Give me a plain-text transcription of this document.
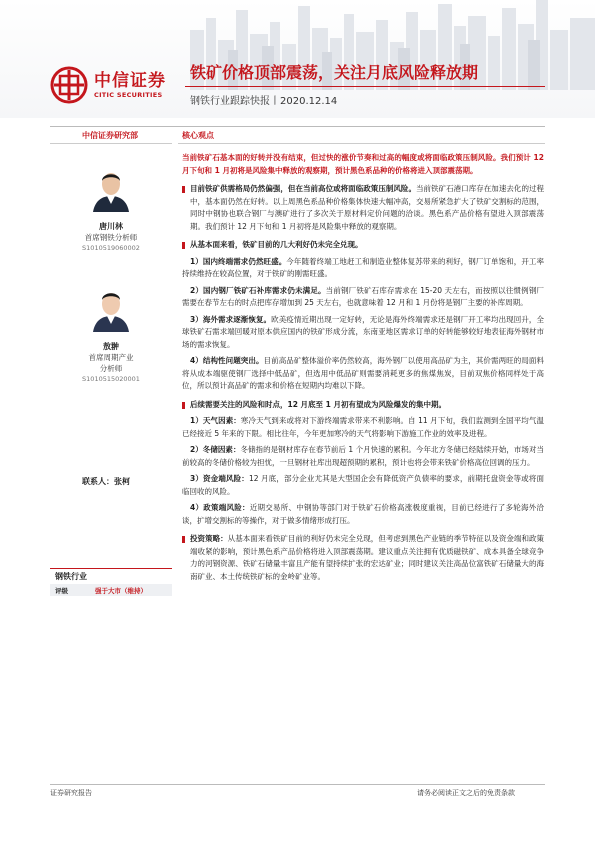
中信证券
CITIC SECURITIES
铁矿价格顶部震荡，关注月底风险释放期
钢铁行业跟踪快报丨2020.12.14
中信证券研究部	核心观点
唐川林
首席钢铁分析师
S1010519060002
敖翀
首席周期产业
分析师
S1010515020001
联系人：张柯
钢铁行业
评级	强于大市（维持）
当前铁矿石基本面的好转并没有结束，但过快的涨价节奏和过高的幅度或将面临政策压制风险。我们预计 12 月下旬和 1 月初将是风险集中释放的观察期，预计黑色系品种的价格将进入顶部震荡期。
目前铁矿供需格局仍然偏强，但在当前高位或将面临政策压制风险。当前铁矿石港口库存在加速去化的过程中，基本面仍然在好转。以上周黑色系品种价格集体快速大幅冲高，交易所紧急扩大了铁矿交割标的范围，同时中钢协也联合钢厂与澳矿进行了多次关于原材料定价问题的洽谈。黑色系产品价格有望进入顶部震荡期。我们预计 12 月下旬和 1 月初将是风险集中释放的观察期。
从基本面来看，铁矿目前的几大利好仍未完全兑现。
1）国内终端需求仍然旺盛。今年随着终端工地赶工和制造业整体复苏带来的利好，钢厂订单饱和，开工率持续维持在较高位置，对于铁矿的刚需旺盛。
2）国内钢厂铁矿石补库需求仍未满足。当前钢厂铁矿石库存需求在 15-20 天左右，而按照以往惯例钢厂需要在春节左右的时点把库存增加到 25 天左右，也就意味着 12 月和 1 月份将是钢厂主要的补库周期。
3）海外需求逐渐恢复。欧美疫情近期出现一定好转，无论是海外终端需求还是钢厂开工率均出现回升，全球铁矿石需求端回暖对原本供应国内的铁矿形成分流，东南亚地区需求订单的好转能够较好地表征海外钢材市场的需求恢复。
4）结构性问题突出。目前高品矿整体溢价率仍然较高，海外钢厂以使用高品矿为主，其价需两旺的局面料将从成本端驱使钢厂选择中低品矿，但选用中低品矿则需要消耗更多的焦煤焦炭，目前双焦价格同样处于高位，所以预计高品矿的需求和价格在短期内均难以下降。
后续需要关注的风险和时点，12 月底至 1 月初有望成为风险爆发的集中期。
1）天气因素：寒冷天气到来或将对下游终端需求带来不利影响。自 11 月下旬，我们监测到全国平均气温已经接近 5 年来的下限。相比往年，今年更加寒冷的天气将影响下游施工作业的效率及进程。
2）冬储因素：冬储指的是钢材库存在春节前后 1 个月快速的累积。今年北方冬储已经陆续开始，市场对当前较高的冬储价格较为担忧，一旦钢材社库出现超预期的累积，预计也将会带来铁矿价格高位回调的压力。
3）资金端风险：12 月底，部分企业尤其是大型国企会有降低资产负债率的要求，前期托盘资金等或将面临回收的风险。
4）政策端风险：近期交易所、中钢协等部门对于铁矿石价格高涨极度重视，目前已经进行了多轮海外洽谈，扩增交割标的等操作，对于做多情绪形成打压。
投资策略：从基本面来看铁矿目前的利好仍未完全兑现，但考虑到黑色产业链的季节特征以及资金端和政策端收紧的影响，预计黑色系产品价格将进入顶部震荡期。建议重点关注拥有优质磁铁矿、成本具备全球竞争力的河钢资源、铁矿石储量丰富且产能有望持续扩张的宏达矿业；同时建议关注高品位富铁矿石储量大的海南矿业、本土传统铁矿标的金岭矿业等。
证券研究报告	请务必阅读正文之后的免责条款
